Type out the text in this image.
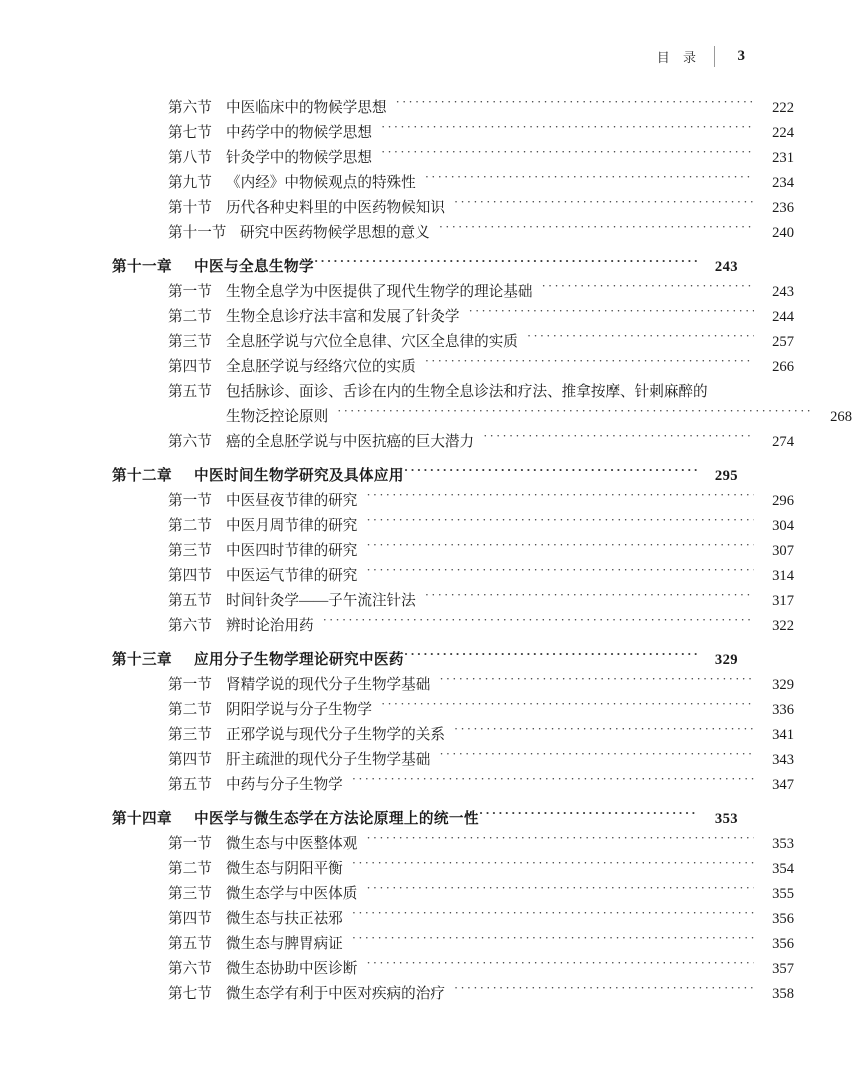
目 录	3
第六节 中医临床中的物候学思想 ·····	222
第七节 中药学中的物候学思想 ·····	224
第八节 针灸学中的物候学思想 ·····	231
第九节 《内经》中物候观点的特殊性 ·····	234
第十节 历代各种史料里的中医药物候知识 ·····	236
第十一节 研究中医药物候学思想的意义 ·····	240
第十一章	中医与全息生物学 ·····	243
第一节 生物全息学为中医提供了现代生物学的理论基础 ·····	243
第二节 生物全息诊疗法丰富和发展了针灸学 ·····	244
第三节 全息胚学说与穴位全息律、穴区全息律的实质 ·····	257
第四节 全息胚学说与经络穴位的实质 ·····	266
第五节 包括脉诊、面诊、舌诊在内的生物全息诊法和疗法、推拿按摩、针刺麻醉的
生物泛控论原则 ·····	268
第六节 癌的全息胚学说与中医抗癌的巨大潜力 ·····	274
第十二章	中医时间生物学研究及具体应用 ·····	295
第一节 中医昼夜节律的研究 ·····	296
第二节 中医月周节律的研究 ·····	304
第三节 中医四时节律的研究 ·····	307
第四节 中医运气节律的研究 ·····	314
第五节 时间针灸学——子午流注针法 ·····	317
第六节 辨时论治用药 ·····	322
第十三章	应用分子生物学理论研究中医药 ·····	329
第一节 肾精学说的现代分子生物学基础 ·····	329
第二节 阴阳学说与分子生物学 ·····	336
第三节 正邪学说与现代分子生物学的关系 ·····	341
第四节 肝主疏泄的现代分子生物学基础 ·····	343
第五节 中药与分子生物学 ·····	347
第十四章	中医学与微生态学在方法论原理上的统一性 ·····	353
第一节 微生态与中医整体观 ·····	353
第二节 微生态与阴阳平衡 ·····	354
第三节 微生态学与中医体质 ·····	355
第四节 微生态与扶正祛邪 ·····	356
第五节 微生态与脾胃病证 ·····	356
第六节 微生态协助中医诊断 ·····	357
第七节 微生态学有利于中医对疾病的治疗 ·····	358
